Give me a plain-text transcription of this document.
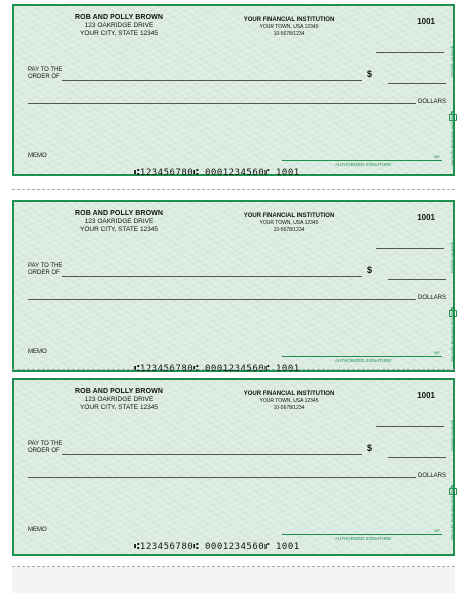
ROB AND POLLY BROWN
123 OAKRIDGE DRIVE
YOUR CITY, STATE 12345
YOUR FINANCIAL INSTITUTION
YOUR TOWN, USA 12345
10-5678/1234
1001
PAY TO THE
ORDER OF	$
DOLLARS
MEMO
AUTHORIZED SIGNATURE
MP
⑆123456780⑆ 0001234560⑈ 1001
Security Features Included
Details on Back
ROB AND POLLY BROWN
123 OAKRIDGE DRIVE
YOUR CITY, STATE 12345
YOUR FINANCIAL INSTITUTION
YOUR TOWN, USA 12345
10-5678/1234
1001
PAY TO THE
ORDER OF	$
DOLLARS
MEMO
AUTHORIZED SIGNATURE
MP
⑆123456780⑆ 0001234560⑈ 1001
Security Features Included
Details on Back
ROB AND POLLY BROWN
123 OAKRIDGE DRIVE
YOUR CITY, STATE 12345
YOUR FINANCIAL INSTITUTION
YOUR TOWN, USA 12345
10-5678/1234
1001
PAY TO THE
ORDER OF	$
DOLLARS
MEMO
AUTHORIZED SIGNATURE
MP
⑆123456780⑆ 0001234560⑈ 1001
Security Features Included
Details on Back
